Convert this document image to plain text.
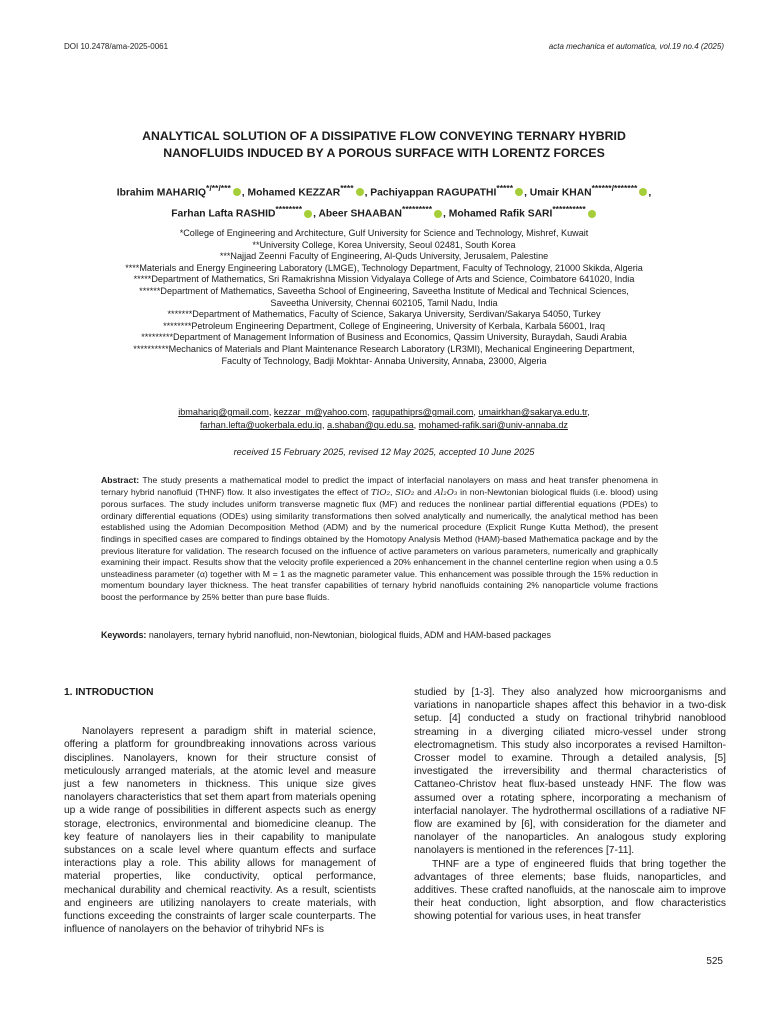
DOI 10.2478/ama-2025-0061	acta mechanica et automatica, vol.19 no.4 (2025)
ANALYTICAL SOLUTION OF A DISSIPATIVE FLOW CONVEYING TERNARY HYBRID
NANOFLUIDS INDUCED BY A POROUS SURFACE WITH LORENTZ FORCES
Ibrahim MAHARIQ*/**/*** , Mohamed KEZZAR**** , Pachiyappan RAGUPATHI***** , Umair KHAN******/******* ,
Farhan Lafta RASHID******** , Abeer SHAABAN********* , Mohamed Rafik SARI**********
*College of Engineering and Architecture, Gulf University for Science and Technology, Mishref, Kuwait
**University College, Korea University, Seoul 02481, South Korea
***Najjad Zeenni Faculty of Engineering, Al-Quds University, Jerusalem, Palestine
****Materials and Energy Engineering Laboratory (LMGE), Technology Department, Faculty of Technology, 21000 Skikda, Algeria
*****Department of Mathematics, Sri Ramakrishna Mission Vidyalaya College of Arts and Science, Coimbatore 641020, India
******Department of Mathematics, Saveetha School of Engineering, Saveetha Institute of Medical and Technical Sciences,
Saveetha University, Chennai 602105, Tamil Nadu, India
*******Department of Mathematics, Faculty of Science, Sakarya University, Serdivan/Sakarya 54050, Turkey
********Petroleum Engineering Department, College of Engineering, University of Kerbala, Karbala 56001, Iraq
*********Department of Management Information of Business and Economics, Qassim University, Buraydah, Saudi Arabia
**********Mechanics of Materials and Plant Maintenance Research Laboratory (LR3MI), Mechanical Engineering Department,
Faculty of Technology, Badji Mokhtar- Annaba University, Annaba, 23000, Algeria
ibmahariq@gmail.com, kezzar_m@yahoo.com, ragupathiprs@gmail.com, umairkhan@sakarya.edu.tr,
farhan.lefta@uokerbala.edu.iq, a.shaban@qu.edu.sa, mohamed-rafik.sari@univ-annaba.dz
received 15 February 2025, revised 12 May 2025, accepted 10 June 2025
Abstract: The study presents a mathematical model to predict the impact of interfacial nanolayers on mass and heat transfer phenomena in ternary hybrid nanofluid (THNF) flow. It also investigates the effect of TiO₂, SiO₂ and Al₂O₃ in non-Newtonian biological fluids (i.e. blood) using porous surfaces. The study includes uniform transverse magnetic flux (MF) and reduces the nonlinear partial differential equations (PDEs) to ordinary differential equations (ODEs) using similarity transformations then solved analytically and numerically, the analytical method has been established using the Adomian Decomposition Method (ADM) and by the numerical procedure (Explicit Runge Kutta Method), the present findings in specified cases are compared to findings obtained by the Homotopy Analysis Method (HAM)-based Mathematica package and by the previous literature for validation. The research focused on the influence of active parameters on various parameters, numerically and graphically examining their impact. Results show that the velocity profile experienced a 20% enhancement in the channel centerline region when using a 0.5 unsteadiness parameter (α) together with M = 1 as the magnetic parameter value. This enhancement was possible through the 15% reduction in momentum boundary layer thickness. The heat transfer capabilities of ternary hybrid nanofluids containing 2% nanoparticle volume fractions boost the performance by 25% better than pure base fluids.
Keywords: nanolayers, ternary hybrid nanofluid, non-Newtonian, biological fluids, ADM and HAM-based packages
1. INTRODUCTION

Nanolayers represent a paradigm shift in material science, offering a platform for groundbreaking innovations across various disciplines. Nanolayers, known for their structure consist of meticulously arranged materials, at the atomic level and measure just a few nanometers in thickness. This unique size gives nanolayers characteristics that set them apart from materials opening up a wide range of possibilities in different aspects such as energy storage, electronics, environmental and biomedicine cleanup. The key feature of nanolayers lies in their capability to manipulate substances on a scale level where quantum effects and surface interactions play a role. This ability allows for management of material properties, like conductivity, optical performance, mechanical durability and chemical reactivity. As a result, scientists and engineers are utilizing nanolayers to create materials, with functions exceeding the constraints of larger scale counterparts. The influence of nanolayers on the behavior of trihybrid NFs is

studied by [1-3]. They also analyzed how microorganisms and variations in nanoparticle shapes affect this behavior in a two-disk setup. [4] conducted a study on fractional trihybrid nanoblood streaming in a diverging ciliated micro-vessel under strong electromagnetism. This study also incorporates a revised Hamilton-Crosser model to examine. Through a detailed analysis, [5] investigated the irreversibility and thermal characteristics of Cattaneo-Christov heat flux-based unsteady HNF. The flow was assumed over a rotating sphere, incorporating a mechanism of interfacial nanolayer. The hydrothermal oscillations of a radiative NF flow are examined by [6], with consideration for the diameter and nanolayer of the nanoparticles. An analogous study exploring nanolayers is mentioned in the references [7-11].

THNF are a type of engineered fluids that bring together the advantages of three elements; base fluids, nanoparticles, and additives. These crafted nanofluids, at the nanoscale aim to improve their heat conduction, light absorption, and flow characteristics showing potential for various uses, in heat transfer

525
